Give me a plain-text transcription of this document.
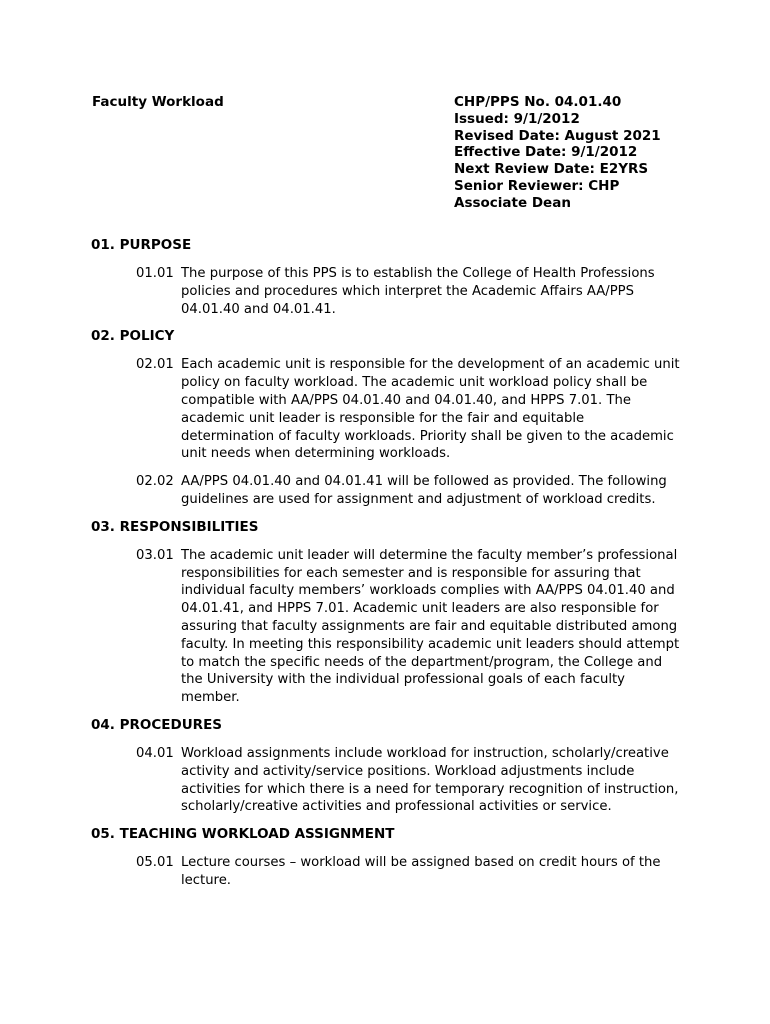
Faculty Workload	CHP/PPS No. 04.01.40
Issued: 9/1/2012
Revised Date: August 2021
Effective Date: 9/1/2012
Next Review Date: E2YRS
Senior Reviewer: CHP
Associate Dean
01. PURPOSE
01.01 The purpose of this PPS is to establish the College of Health Professions policies and procedures which interpret the Academic Affairs AA/PPS 04.01.40 and 04.01.41.
02. POLICY
02.01 Each academic unit is responsible for the development of an academic unit policy on faculty workload. The academic unit workload policy shall be compatible with AA/PPS 04.01.40 and 04.01.40, and HPPS 7.01. The academic unit leader is responsible for the fair and equitable determination of faculty workloads. Priority shall be given to the academic unit needs when determining workloads.
02.02 AA/PPS 04.01.40 and 04.01.41 will be followed as provided. The following guidelines are used for assignment and adjustment of workload credits.
03. RESPONSIBILITIES
03.01 The academic unit leader will determine the faculty member’s professional responsibilities for each semester and is responsible for assuring that individual faculty members’ workloads complies with AA/PPS 04.01.40 and 04.01.41, and HPPS 7.01. Academic unit leaders are also responsible for assuring that faculty assignments are fair and equitable distributed among faculty. In meeting this responsibility academic unit leaders should attempt to match the specific needs of the department/program, the College and the University with the individual professional goals of each faculty member.
04. PROCEDURES
04.01 Workload assignments include workload for instruction, scholarly/creative activity and activity/service positions. Workload adjustments include activities for which there is a need for temporary recognition of instruction, scholarly/creative activities and professional activities or service.
05. TEACHING WORKLOAD ASSIGNMENT
05.01 Lecture courses – workload will be assigned based on credit hours of the lecture.
